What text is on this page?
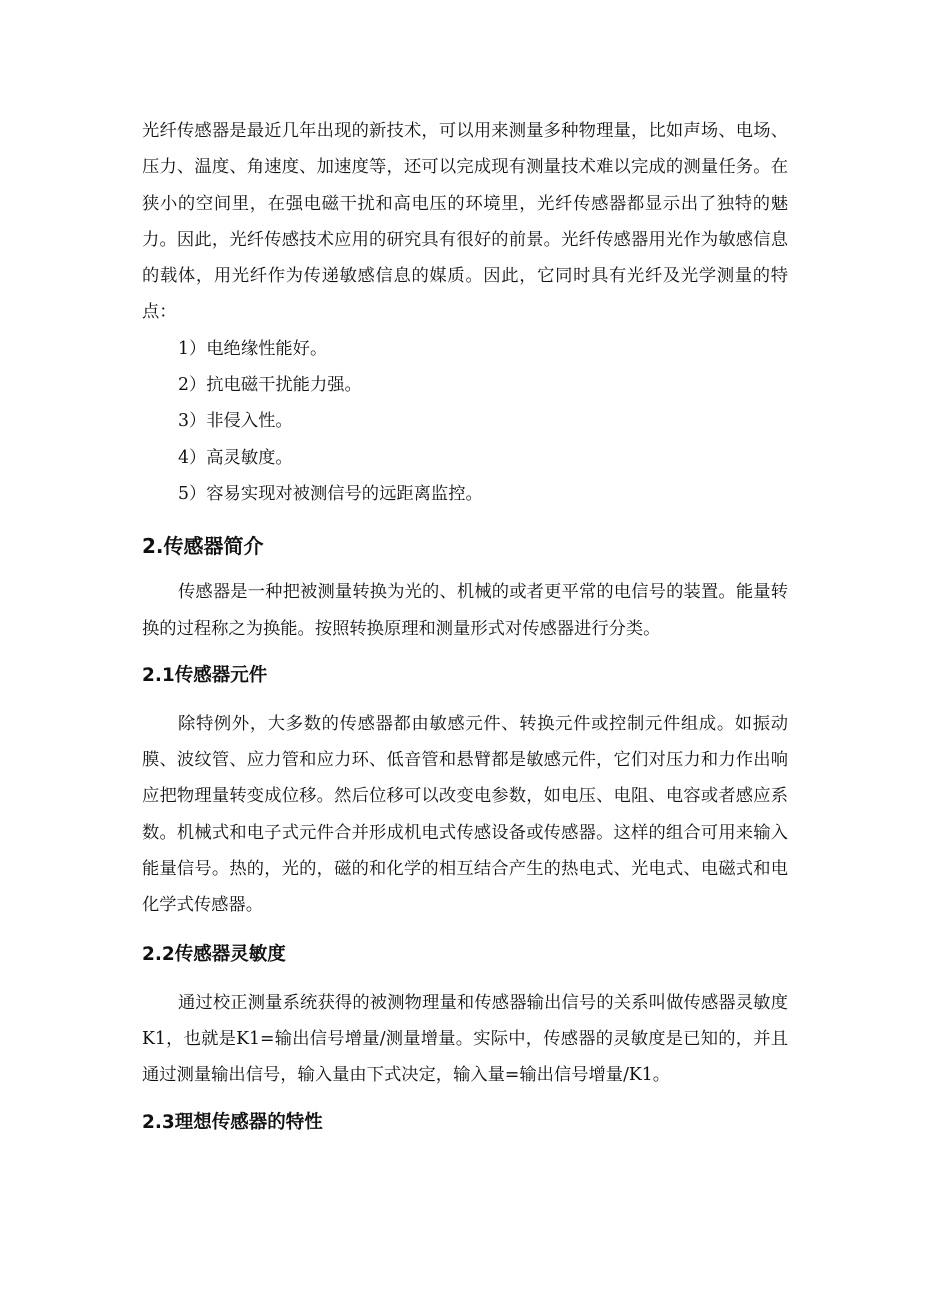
光纤传感器是最近几年出现的新技术，可以用来测量多种物理量，比如声场、电场、压力、温度、角速度、加速度等，还可以完成现有测量技术难以完成的测量任务。在狭小的空间里，在强电磁干扰和高电压的环境里，光纤传感器都显示出了独特的魅力。因此，光纤传感技术应用的研究具有很好的前景。光纤传感器用光作为敏感信息的载体，用光纤作为传递敏感信息的媒质。因此，它同时具有光纤及光学测量的特点：

1）电绝缘性能好。
2）抗电磁干扰能力强。
3）非侵入性。
4）高灵敏度。
5）容易实现对被测信号的远距离监控。
2.传感器简介

传感器是一种把被测量转换为光的、机械的或者更平常的电信号的装置。能量转换的过程称之为换能。按照转换原理和测量形式对传感器进行分类。

2.1传感器元件

除特例外，大多数的传感器都由敏感元件、转换元件或控制元件组成。如振动膜、波纹管、应力管和应力环、低音管和悬臂都是敏感元件，它们对压力和力作出响应把物理量转变成位移。然后位移可以改变电参数，如电压、电阻、电容或者感应系数。机械式和电子式元件合并形成机电式传感设备或传感器。这样的组合可用来输入能量信号。热的，光的，磁的和化学的相互结合产生的热电式、光电式、电磁式和电化学式传感器。

2.2传感器灵敏度

通过校正测量系统获得的被测物理量和传感器输出信号的关系叫做传感器灵敏度K1，也就是K1=输出信号增量/测量增量。实际中，传感器的灵敏度是已知的，并且通过测量输出信号，输入量由下式决定，输入量=输出信号增量/K1。

2.3理想传感器的特性
